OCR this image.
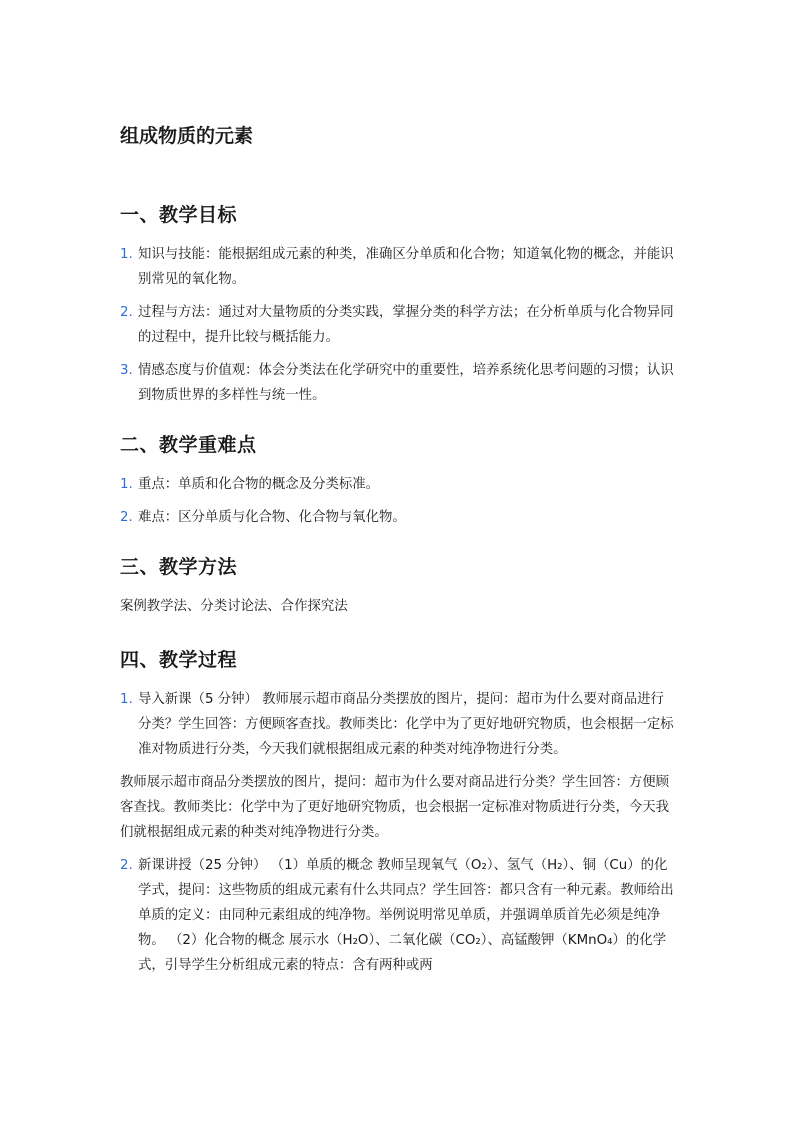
组成物质的元素
一、教学目标
1. 知识与技能：能根据组成元素的种类，准确区分单质和化合物；知道氧化物的概念，并能识别常见的氧化物。
2. 过程与方法：通过对大量物质的分类实践，掌握分类的科学方法；在分析单质与化合物异同的过程中，提升比较与概括能力。
3. 情感态度与价值观：体会分类法在化学研究中的重要性，培养系统化思考问题的习惯；认识到物质世界的多样性与统一性。
二、教学重难点
1. 重点：单质和化合物的概念及分类标准。
2. 难点：区分单质与化合物、化合物与氧化物。
三、教学方法

案例教学法、分类讨论法、合作探究法

四、教学过程
1. 导入新课（5 分钟） 教师展示超市商品分类摆放的图片，提问：超市为什么要对商品进行分类？学生回答：方便顾客查找。教师类比：化学中为了更好地研究物质，也会根据一定标准对物质进行分类，今天我们就根据组成元素的种类对纯净物进行分类。

教师展示超市商品分类摆放的图片，提问：超市为什么要对商品进行分类？学生回答：方便顾客查找。教师类比：化学中为了更好地研究物质，也会根据一定标准对物质进行分类，今天我们就根据组成元素的种类对纯净物进行分类。

2. 新课讲授（25 分钟） （1）单质的概念 教师呈现氧气（O₂）、氢气（H₂）、铜（Cu）的化学式，提问：这些物质的组成元素有什么共同点？学生回答：都只含有一种元素。教师给出单质的定义：由同种元素组成的纯净物。举例说明常见单质，并强调单质首先必须是纯净物。 （2）化合物的概念 展示水（H₂O）、二氧化碳（CO₂）、高锰酸钾（KMnO₄）的化学式，引导学生分析组成元素的特点：含有两种或两
